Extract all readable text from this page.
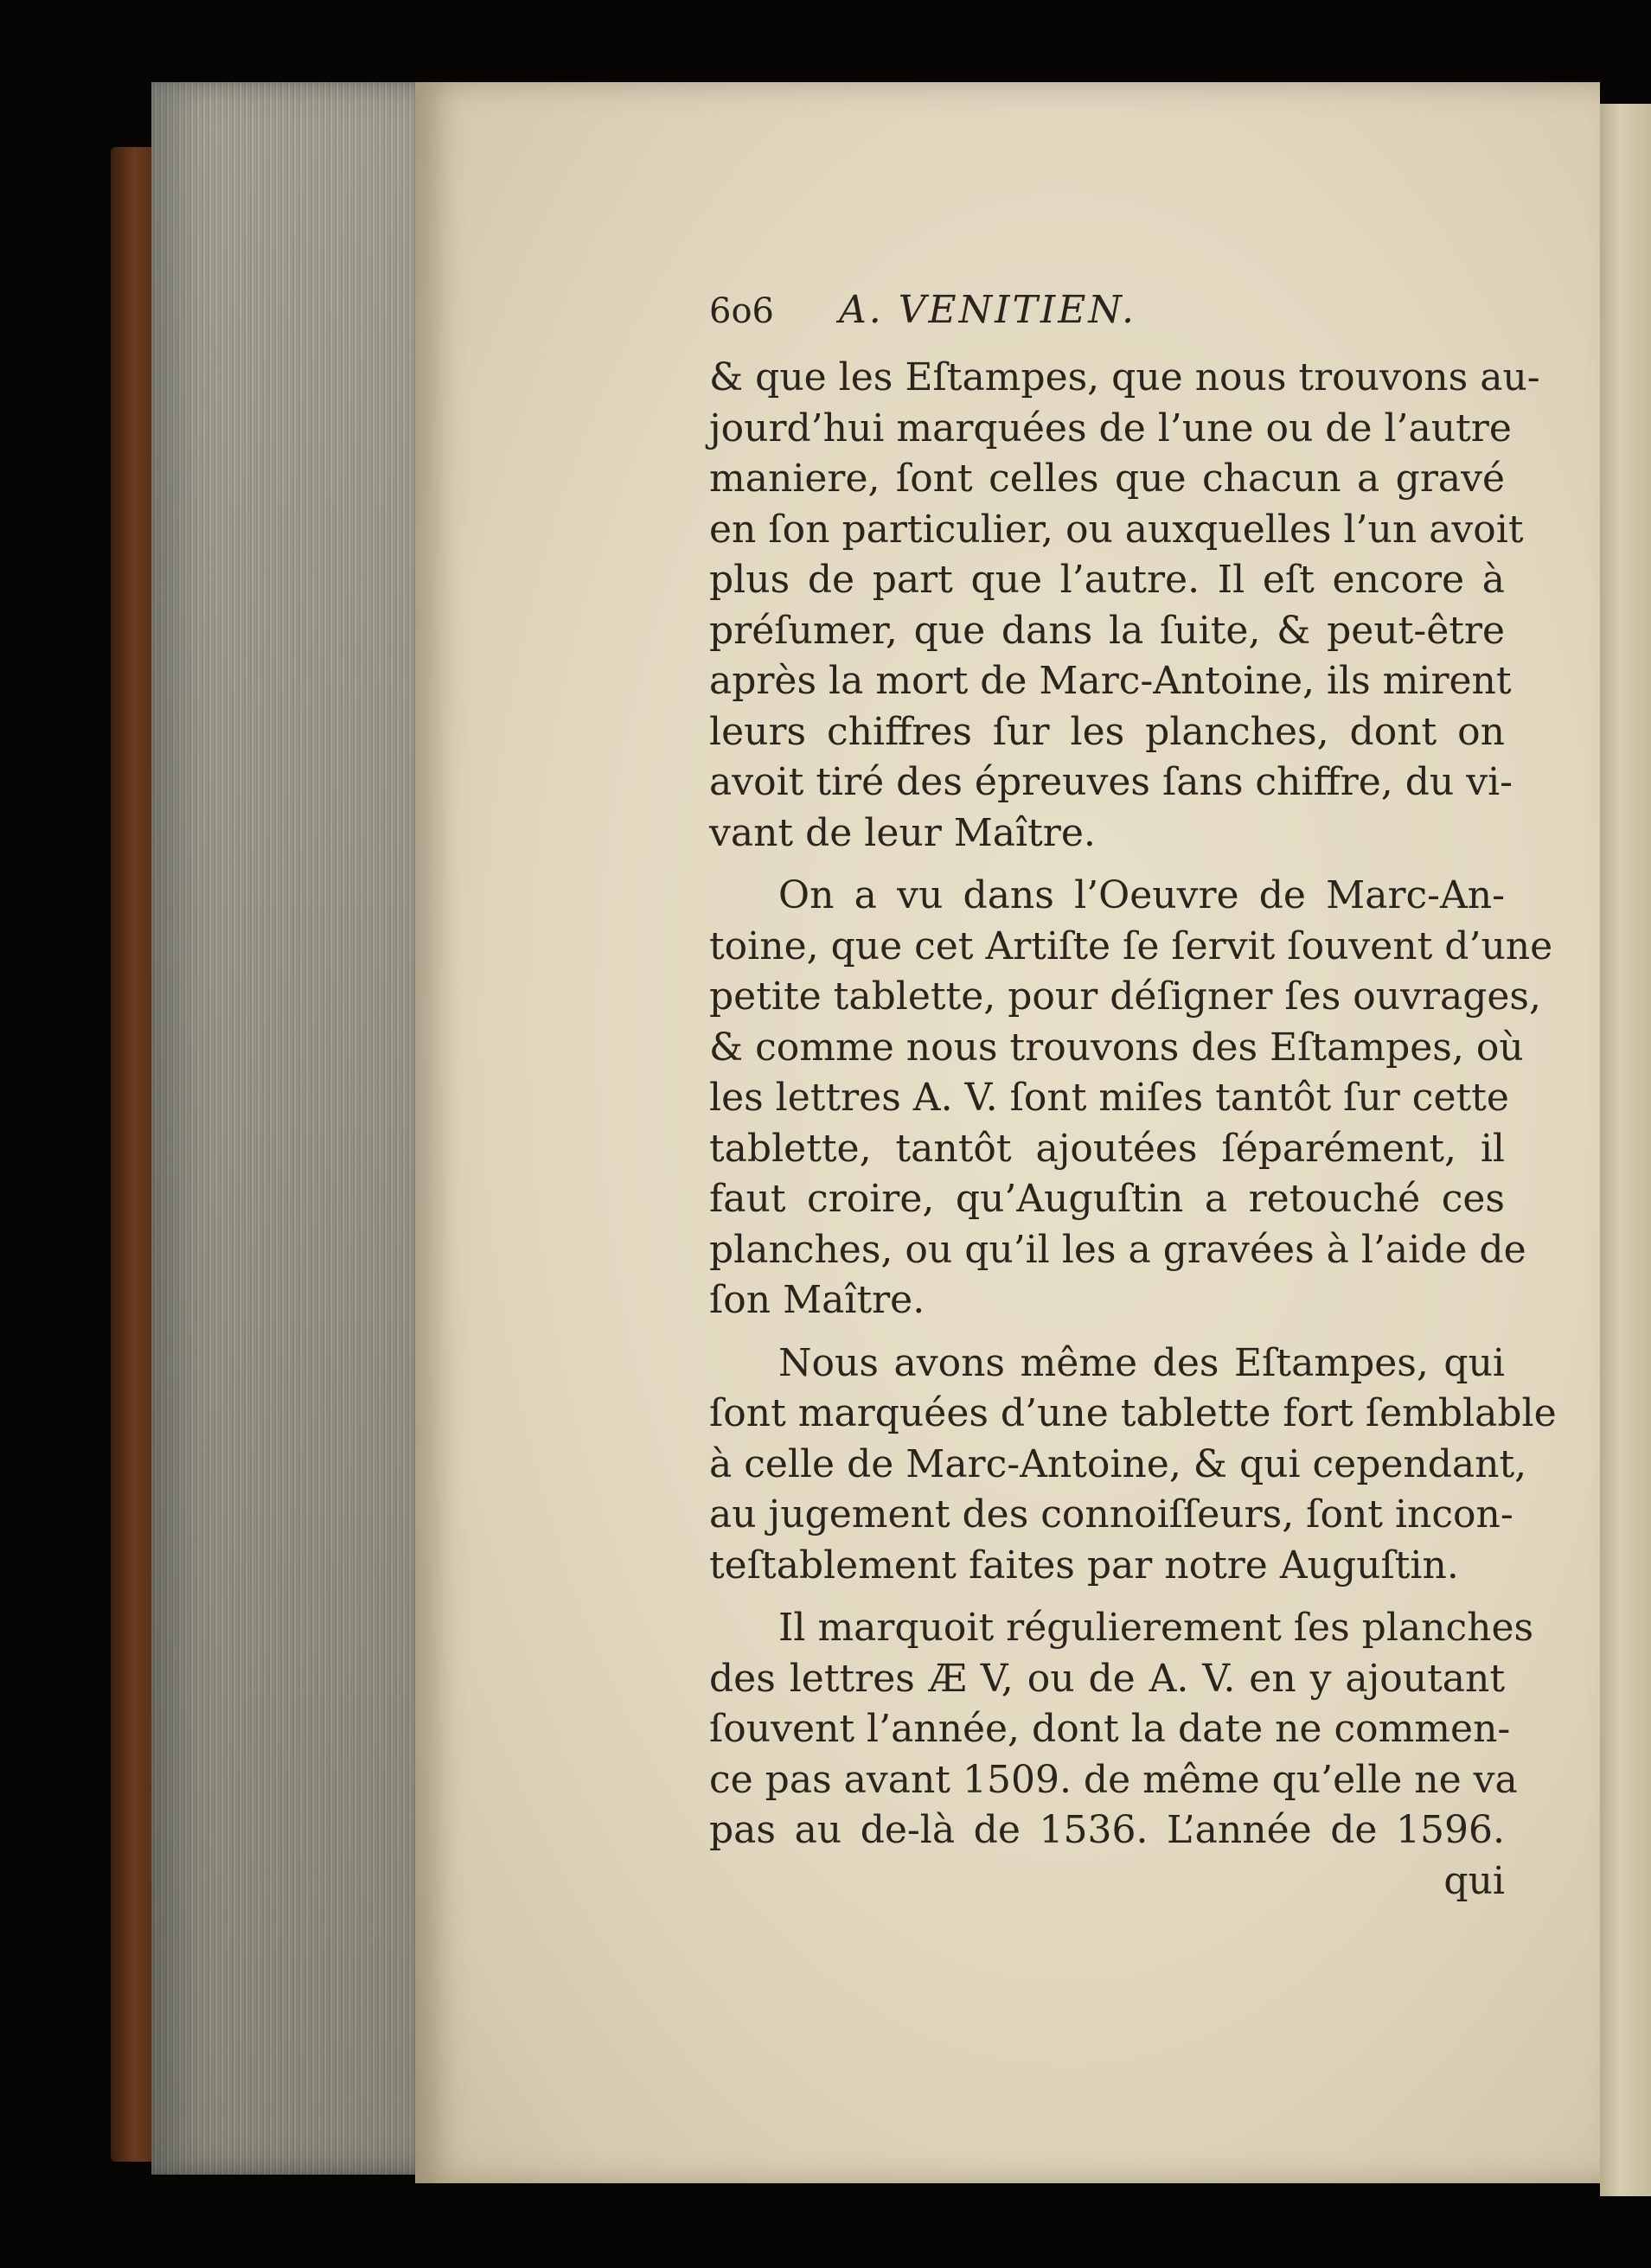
6o6	A. VENITIEN.
& que les Eſtampes, que nous trouvons au-
jourd’hui marquées de l’une ou de l’autre
maniere, ſont celles que chacun a gravé
en ſon particulier, ou auxquelles l’un avoit
plus de part que l’autre. Il eſt encore à
préſumer, que dans la ſuite, & peut-être
après la mort de Marc-Antoine, ils mirent
leurs chiffres ſur les planches, dont on
avoit tiré des épreuves ſans chiffre, du vi-
vant de leur Maître.
On a vu dans l’Oeuvre de Marc-An-
toine, que cet Artiſte ſe ſervit ſouvent d’une
petite tablette, pour déſigner ſes ouvrages,
& comme nous trouvons des Eſtampes, où
les lettres A. V. ſont miſes tantôt ſur cette
tablette, tantôt ajoutées ſéparément, il
faut croire, qu’Auguſtin a retouché ces
planches, ou qu’il les a gravées à l’aide de
ſon Maître.
Nous avons même des Eſtampes, qui
ſont marquées d’une tablette fort ſemblable
à celle de Marc-Antoine, & qui cependant,
au jugement des connoiſſeurs, ſont incon-
teſtablement faites par notre Auguſtin.
Il marquoit régulierement ſes planches
des lettres Æ V, ou de A. V. en y ajoutant
ſouvent l’année, dont la date ne commen-
ce pas avant 1509. de même qu’elle ne va
pas au de-là de 1536. L’année de 1596.
qui
